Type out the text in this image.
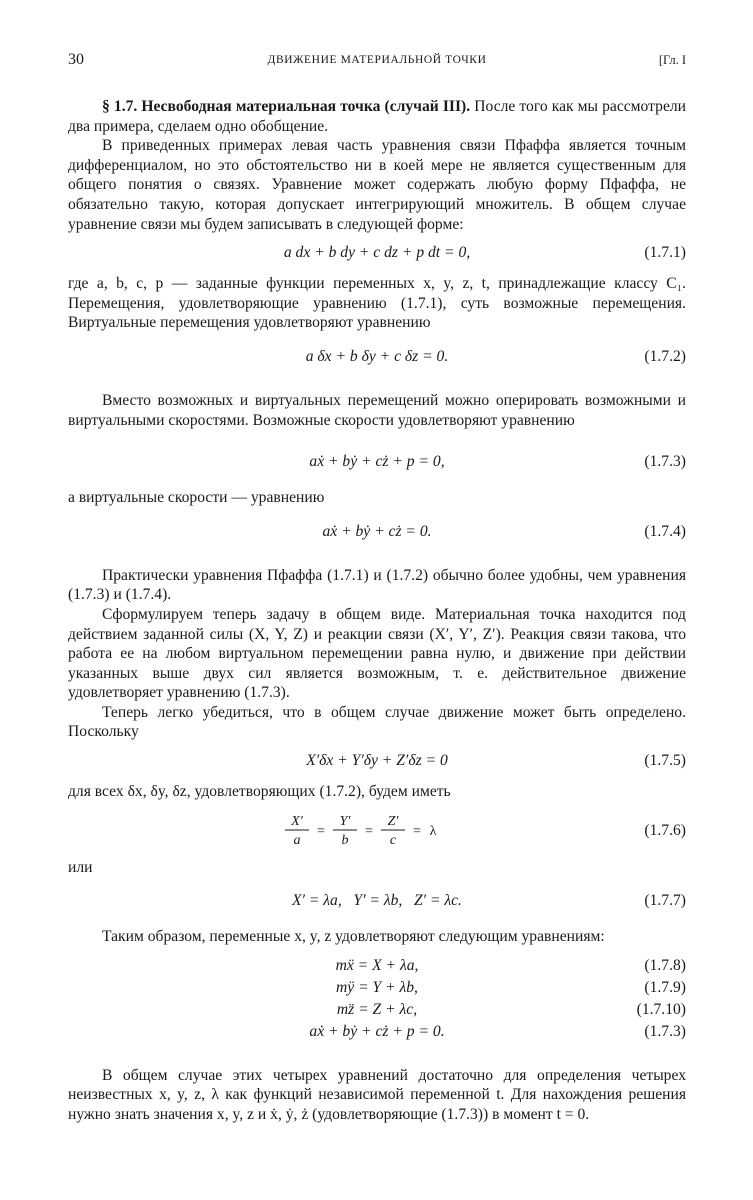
30	ДВИЖЕНИЕ МАТЕРИАЛЬНОЙ ТОЧКИ	[Гл. I

§ 1.7. Несвободная материальная точка (случай III). После того как мы рассмотрели два примера, сделаем одно обобщение.

В приведенных примерах левая часть уравнения связи Пфаффа является точным дифференциалом, но это обстоятельство ни в коей мере не является существенным для общего понятия о связях. Уравнение может содержать любую форму Пфаффа, не обязательно такую, которая допускает интегрирующий множитель. В общем случае уравнение связи мы будем записывать в следующей форме:

a dx + b dy + c dz + p dt = 0,	(1.7.1)

где a, b, c, p — заданные функции переменных x, y, z, t, принадлежащие классу C₁. Перемещения, удовлетворяющие уравнению (1.7.1), суть возможные перемещения. Виртуальные перемещения удовлетворяют уравнению

a δx + b δy + c δz = 0.	(1.7.2)

Вместо возможных и виртуальных перемещений можно оперировать возможными и виртуальными скоростями. Возможные скорости удовлетворяют уравнению

aẋ + bẏ + cż + p = 0,	(1.7.3)

а виртуальные скорости — уравнению

aẋ + bẏ + cż = 0.	(1.7.4)

Практически уравнения Пфаффа (1.7.1) и (1.7.2) обычно более удобны, чем уравнения (1.7.3) и (1.7.4).

Сформулируем теперь задачу в общем виде. Материальная точка находится под действием заданной силы (X, Y, Z) и реакции связи (X′, Y′, Z′). Реакция связи такова, что работа ее на любом виртуальном перемещении равна нулю, и движение при действии указанных выше двух сил является возможным, т. е. действительное движение удовлетворяет уравнению (1.7.3).

Теперь легко убедиться, что в общем случае движение может быть определено. Поскольку

X′δx + Y′δy + Z′δz = 0	(1.7.5)

для всех δx, δy, δz, удовлетворяющих (1.7.2), будем иметь

X′
a
=
Y′
b
=
Z′
c
= λ	(1.7.6)

или

X′ = λa,   Y′ = λb,   Z′ = λc.	(1.7.7)

Таким образом, переменные x, y, z удовлетворяют следующим уравнениям:

mẍ = X + λa,	(1.7.8)
mÿ = Y + λb,	(1.7.9)
mz̈ = Z + λc,	(1.7.10)
aẋ + bẏ + cż + p = 0.	(1.7.3)

В общем случае этих четырех уравнений достаточно для определения четырех неизвестных x, y, z, λ как функций независимой переменной t. Для нахождения решения нужно знать значения x, y, z и ẋ, ẏ, ż (удовлетворяющие (1.7.3)) в момент t = 0.
